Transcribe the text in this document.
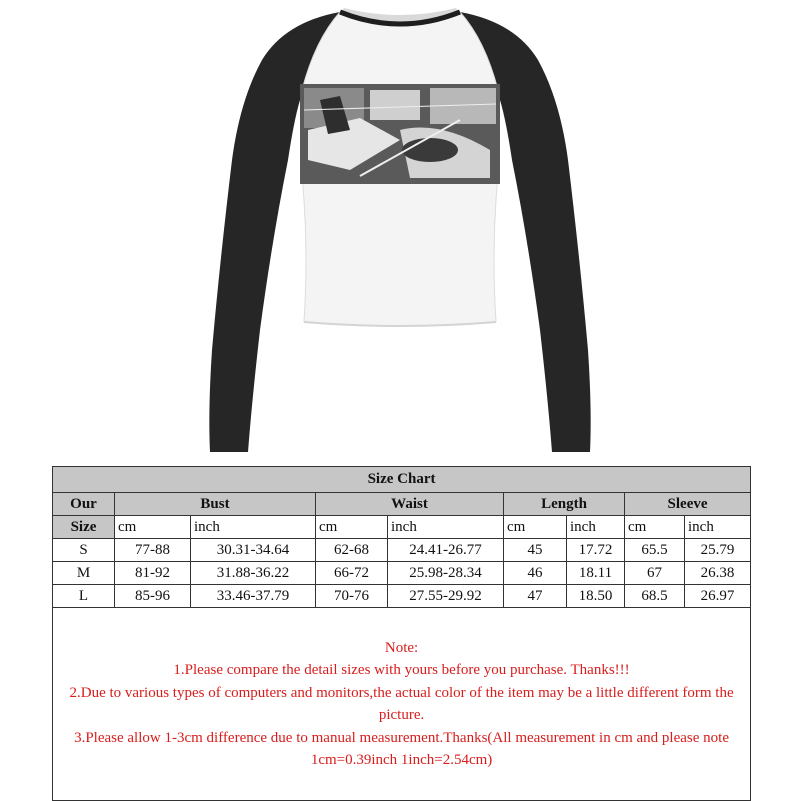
Size Chart								
Our	Bust		Waist		Length		Sleeve	
Size	cm	inch	cm	inch	cm	inch	cm	inch
S	77-88	30.31-34.64	62-68	24.41-26.77	45	17.72	65.5	25.79
M	81-92	31.88-36.22	66-72	25.98-28.34	46	18.11	67	26.38
L	85-96	33.46-37.79	70-76	27.55-29.92	47	18.50	68.5	26.97

Note:
1.Please compare the detail sizes with yours before you purchase. Thanks!!!
2.Due to various types of computers and monitors,the actual color of the item may be a little different form the picture.
3.Please allow 1-3cm difference due to manual measurement.Thanks(All measurement in cm and please note 1cm=0.39inch 1inch=2.54cm)								
